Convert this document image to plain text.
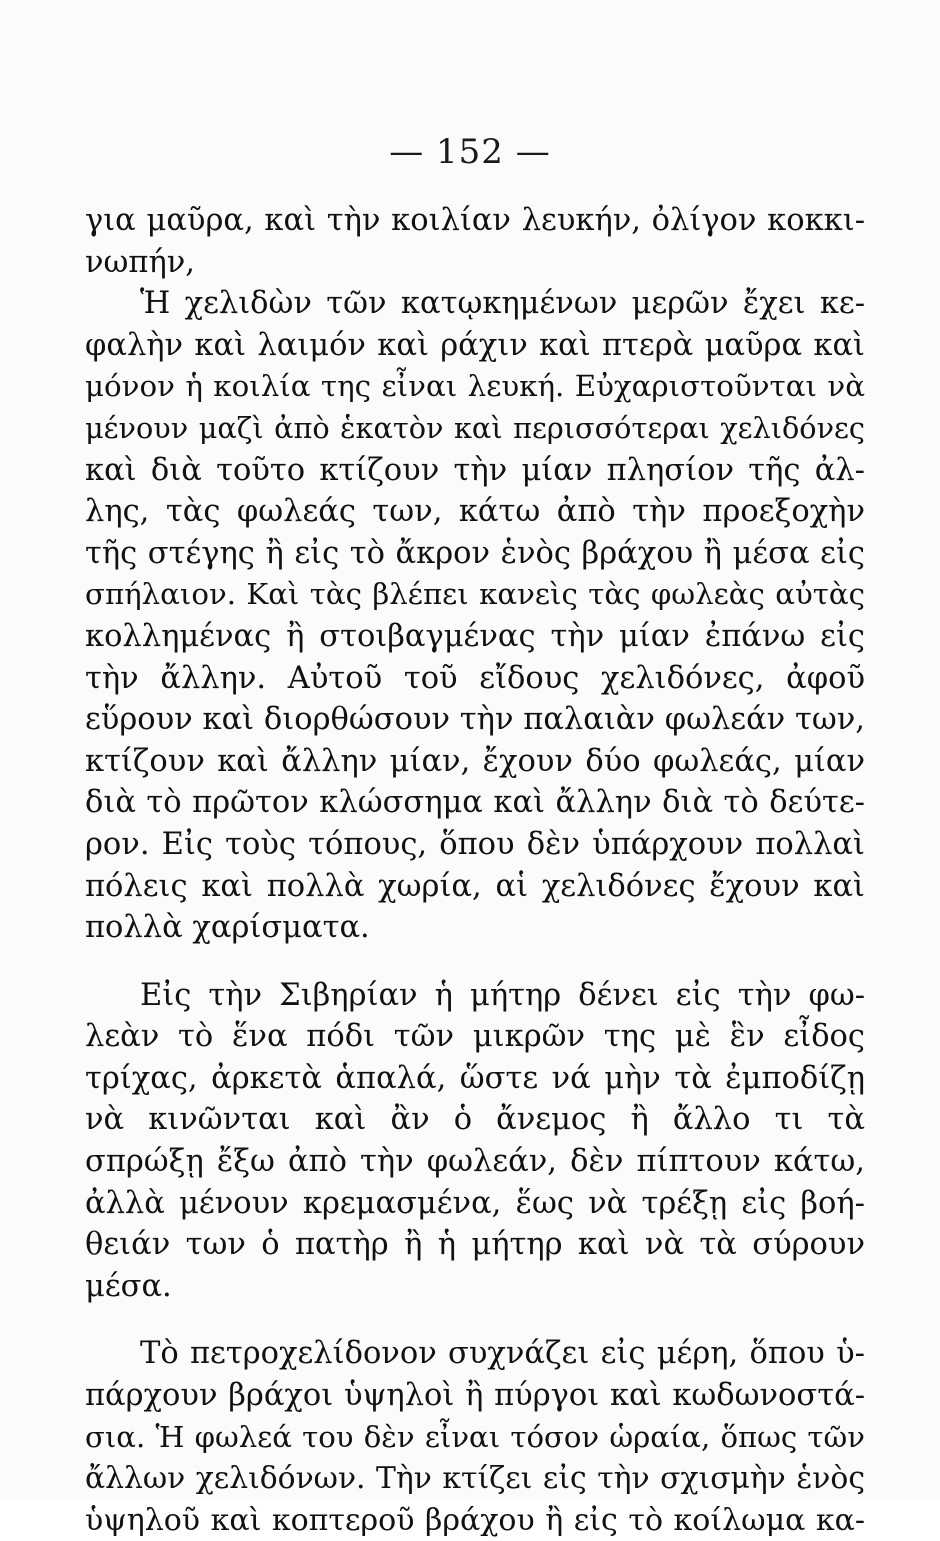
— 152 —
για μαῦρα, καὶ τὴν κοιλίαν λευκήν, ὀλίγον κοκκι-
νωπήν,
Ἡ χελιδὼν τῶν κατῳκημένων μερῶν ἔχει κε-
φαλὴν καὶ λαιμόν καὶ ράχιν καὶ πτερὰ μαῦρα καὶ
μόνον ἡ κοιλία της εἶναι λευκή. Εὐχαριστοῦνται νὰ
μένουν μαζὶ ἀπὸ ἑκατὸν καὶ περισσότεραι χελιδόνες
καὶ διὰ τοῦτο κτίζουν τὴν μίαν πλησίον τῆς ἀλ-
λης, τὰς φωλεάς των, κάτω ἀπὸ τὴν προεξοχὴν
τῆς στέγης ἢ εἰς τὸ ἄκρον ἑνὸς βράχου ἢ μέσα εἰς
σπήλαιον. Καὶ τὰς βλέπει κανεὶς τὰς φωλεὰς αὐτὰς
κολλημένας ἢ στοιβαγμένας τὴν μίαν ἐπάνω εἰς
τὴν ἄλλην. Αὐτοῦ τοῦ εἴδους χελιδόνες, ἀφοῦ
εὕρουν καὶ διορθώσουν τὴν παλαιὰν φωλεάν των,
κτίζουν καὶ ἄλλην μίαν, ἔχουν δύο φωλεάς, μίαν
διὰ τὸ πρῶτον κλώσσημα καὶ ἄλλην διὰ τὸ δεύτε-
ρον. Εἰς τοὺς τόπους, ὅπου δὲν ὑπάρχουν πολλαὶ
πόλεις καὶ πολλὰ χωρία, αἱ χελιδόνες ἔχουν καὶ
πολλὰ χαρίσματα.
Εἰς τὴν Σιβηρίαν ἡ μήτηρ δένει εἰς τὴν φω-
λεὰν τὸ ἕνα πόδι τῶν μικρῶν της μὲ ἓν εἶδος
τρίχας, ἀρκετὰ ἁπαλά, ὥστε νά μὴν τὰ ἐμποδίζῃ
νὰ κινῶνται καὶ ἂν ὁ ἄνεμος ἢ ἄλλο τι τὰ
σπρώξῃ ἔξω ἀπὸ τὴν φωλεάν, δὲν πίπτουν κάτω,
ἀλλὰ μένουν κρεμασμένα, ἕως νὰ τρέξῃ εἰς βοή-
θειάν των ὁ πατὴρ ἢ ἡ μήτηρ καὶ νὰ τὰ σύρουν
μέσα.
Τὸ πετροχελίδονον συχνάζει εἰς μέρη, ὅπου ὑ-
πάρχουν βράχοι ὑψηλοὶ ἢ πύργοι καὶ κωδωνοστά-
σια. Ἡ φωλεά του δὲν εἶναι τόσον ὡραία, ὅπως τῶν
ἄλλων χελιδόνων. Τὴν κτίζει εἰς τὴν σχισμὴν ἑνὸς
ὑψηλοῦ καὶ κοπτεροῦ βράχου ἢ εἰς τὸ κοίλωμα κα-
